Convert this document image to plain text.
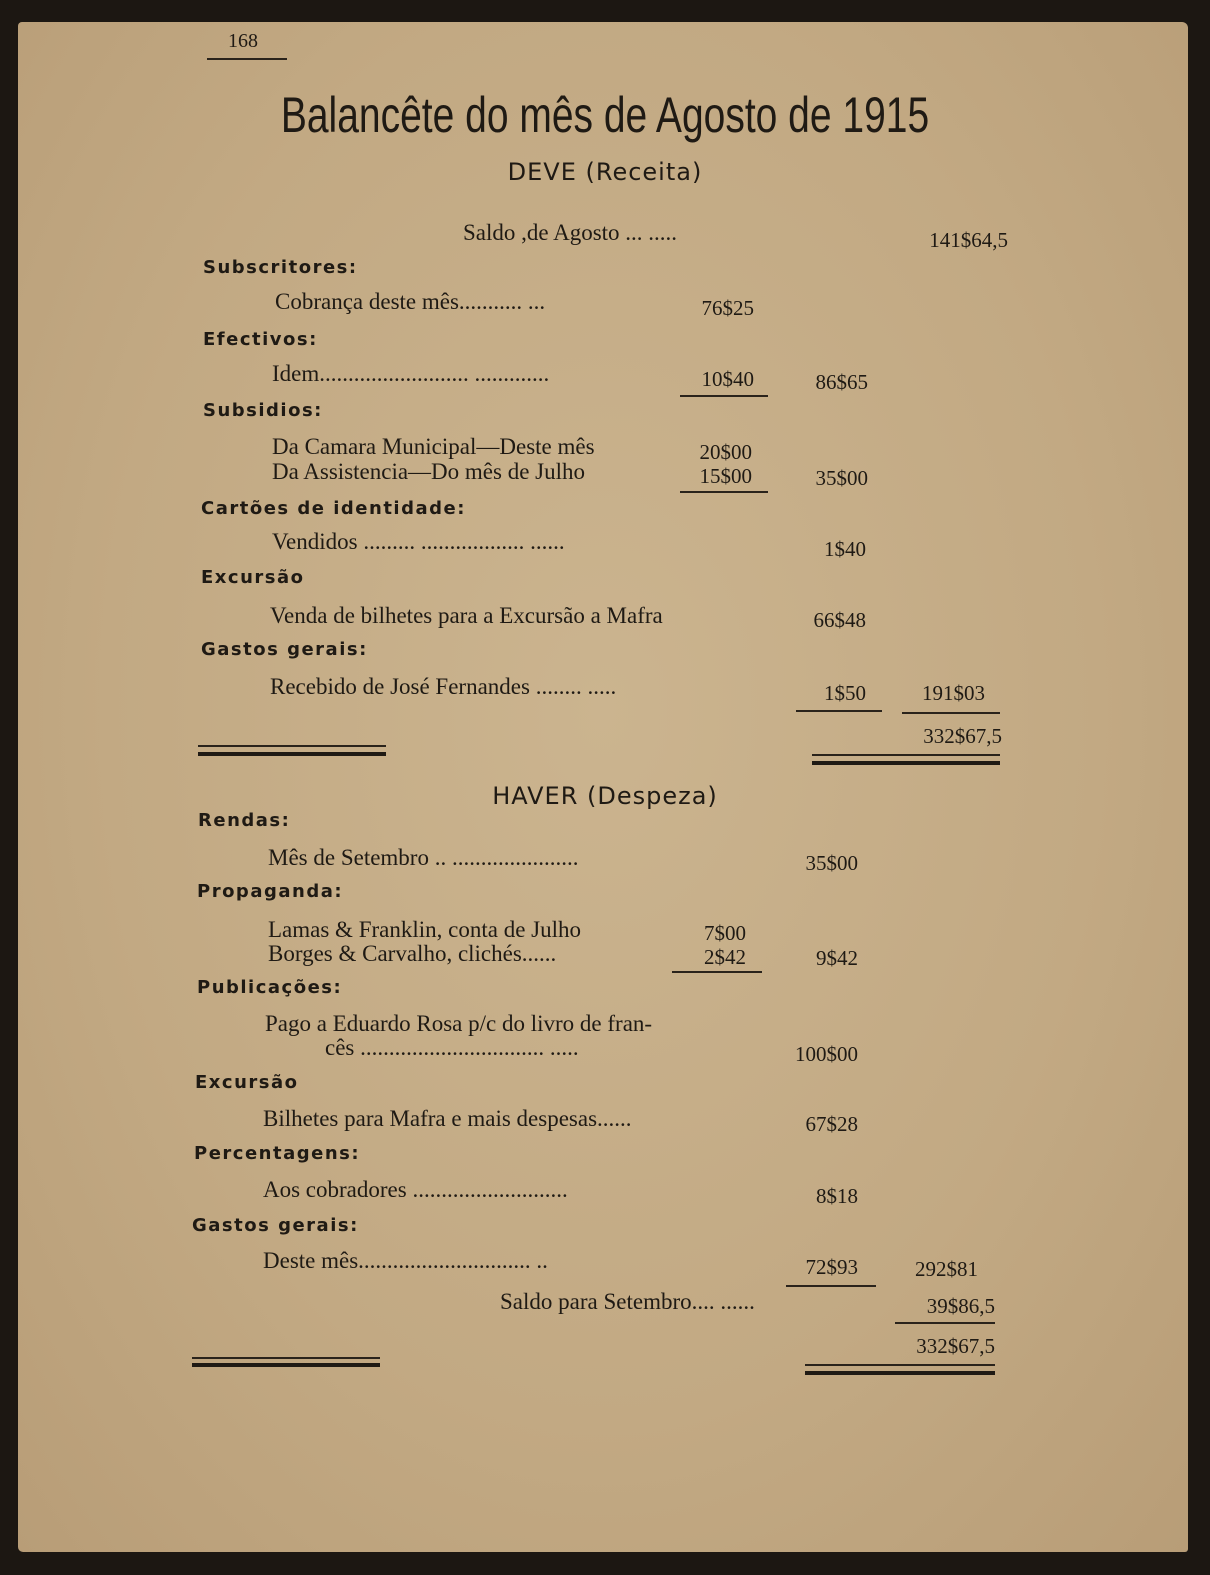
168
Balancête do mês de Agosto de 1915
DEVE (Receita)
Saldo ,de Agosto ... .....	141$64,5
Subscritores:
Cobrança deste mês........... ...	76$25
Efectivos:
Idem.......................... .............	10$40	86$65
Subsidios:
Da Camara Municipal—Deste mês	20$00
Da Assistencia—Do mês de Julho	15$00	35$00
Cartões de identidade:
Vendidos ......... .................. ......	1$40
Excursão
Venda de bilhetes para a Excursão a Mafra	66$48
Gastos gerais:
Recebido de José Fernandes ........ .....	1$50	191$03
332$67,5
HAVER (Despeza)
Rendas:
Mês de Setembro .. ......................	35$00
Propaganda:
Lamas & Franklin, conta de Julho	7$00
Borges & Carvalho, clichés......	2$42	9$42
Publicações:
Pago a Eduardo Rosa p/c do livro de fran-
cês ................................ .....	100$00
Excursão
Bilhetes para Mafra e mais despesas......	67$28
Percentagens:
Aos cobradores ...........................	8$18
Gastos gerais:
Deste mês.............................. ..	72$93	292$81
Saldo para Setembro.... ......	39$86,5
332$67,5
